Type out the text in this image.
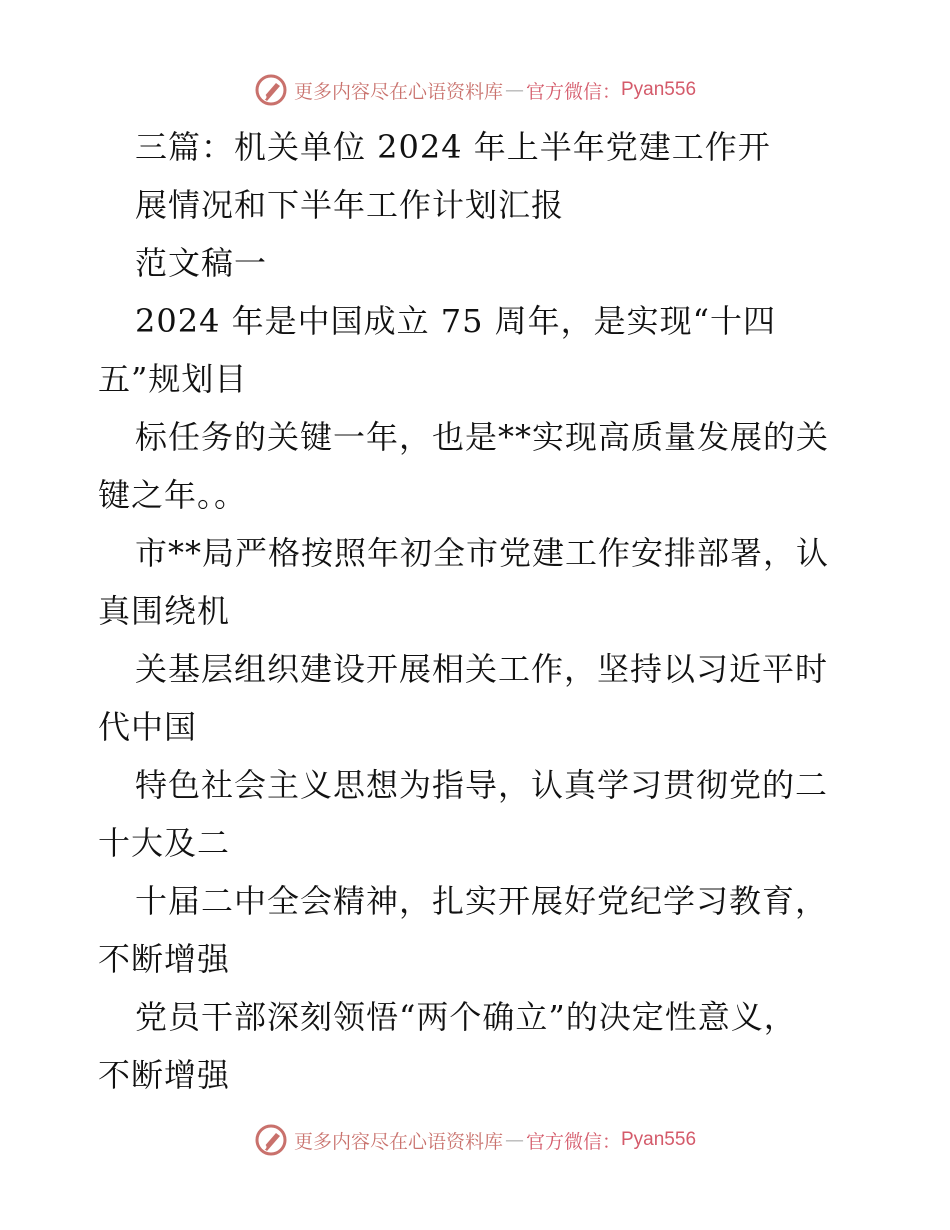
更多内容尽在心语资料库 — 官方微信： Pyan556
三篇：机关单位 2024 年上半年党建工作开
展情况和下半年工作计划汇报
范文稿一
2024 年是中国成立 75 周年，是实现“十四
五”规划目
标任务的关键一年，也是**实现高质量发展的关
键之年。。
市**局严格按照年初全市党建工作安排部署，认
真围绕机
关基层组织建设开展相关工作，坚持以习近平时
代中国
特色社会主义思想为指导，认真学习贯彻党的二
十大及二
十届二中全会精神，扎实开展好党纪学习教育，
不断增强
党员干部深刻领悟“两个确立”的决定性意义，
不断增强
更多内容尽在心语资料库 — 官方微信： Pyan556
